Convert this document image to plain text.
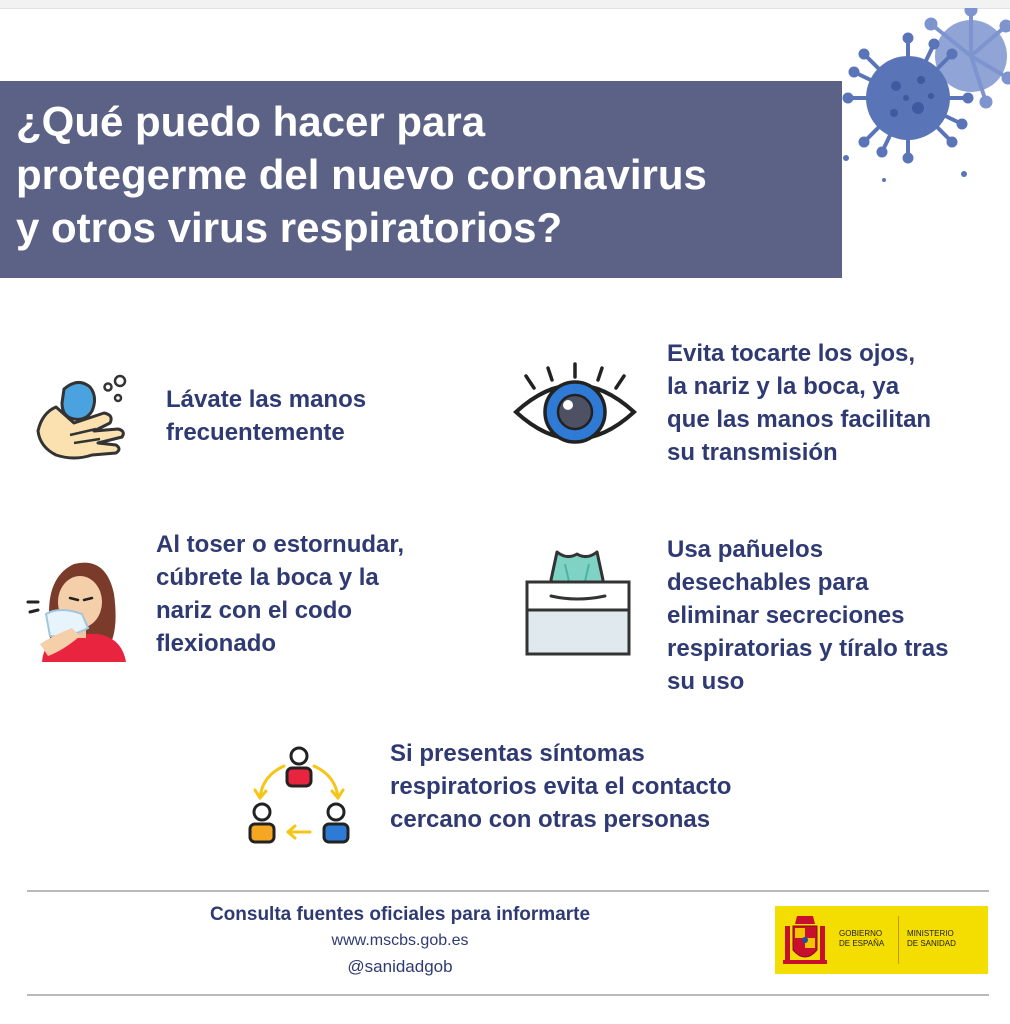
¿Qué puedo hacer para
protegerme del nuevo coronavirus
y otros virus respiratorios?
Lávate las manos
frecuentemente
Evita tocarte los ojos,
la nariz y la boca, ya
que las manos facilitan
su transmisión
Al toser o estornudar,
cúbrete la boca y la
nariz con el codo
flexionado
Usa pañuelos
desechables para
eliminar secreciones
respiratorias y tíralo tras
su uso
Si presentas síntomas
respiratorios evita el contacto
cercano con otras personas
Consulta fuentes oficiales para informarte
www.mscbs.gob.es
@sanidadgob
GOBIERNO
DE ESPAÑA
MINISTERIO
DE SANIDAD
